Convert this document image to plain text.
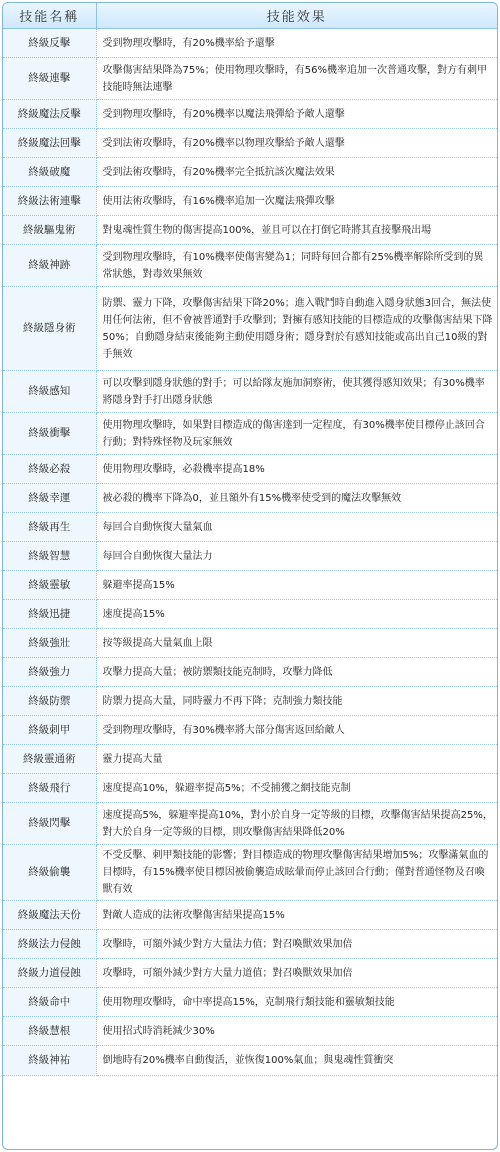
技能名稱	技能效果
終級反擊	受到物理攻擊時，有20%機率給予還擊
終級連擊	攻擊傷害結果降為75%；使用物理攻擊時，有56%機率追加一次普通攻擊，對方有刺甲技能時無法連擊
終級魔法反擊	受到物理攻擊時，有20%機率以魔法飛彈給予敵人還擊
終級魔法回擊	受到法術攻擊時，有20%機率以物理攻擊給予敵人還擊
終級破魔	受到法術攻擊時，有20%機率完全抵抗該次魔法效果
終級法術連擊	使用法術攻擊時，有16%機率追加一次魔法飛彈攻擊
終級驅鬼術	對鬼魂性質生物的傷害提高100%，並且可以在打倒它時將其直接擊飛出場
終級神跡	受到物理攻擊時，有10%機率使傷害變為1；同時每回合都有25%機率解除所受到的異常狀態，對毒效果無效
終級隱身術	防禦、靈力下降，攻擊傷害結果下降20%；進入戰鬥時自動進入隱身狀態3回合，無法使用任何法術，但不會被普通對手攻擊到；對擁有感知技能的目標造成的攻擊傷害結果下降50%；自動隱身結束後能夠主動使用隱身術；隱身對於有感知技能或高出自己10級的對手無效
終級感知	可以攻擊到隱身狀態的對手；可以給隊友施加洞察術，使其獲得感知效果；有30%機率將隱身對手打出隱身狀態
終級衝擊	使用物理攻擊時，如果對目標造成的傷害達到一定程度，有30%機率使目標停止該回合行動；對特殊怪物及玩家無效
終級必殺	使用物理攻擊時，必殺機率提高18%
終級幸運	被必殺的機率下降為0，並且額外有15%機率使受到的魔法攻擊無效
終級再生	每回合自動恢復大量氣血
終級智慧	每回合自動恢復大量法力
終級靈敏	躲避率提高15%
終級迅捷	速度提高15%
終級強壯	按等級提高大量氣血上限
終級強力	攻擊力提高大量；被防禦類技能克制時，攻擊力降低
終級防禦	防禦力提高大量，同時靈力不再下降；克制強力類技能
終級刺甲	受到物理攻擊時，有30%機率將大部分傷害返回給敵人
終級靈通術	靈力提高大量
終級飛行	速度提高10%，躲避率提高5%；不受捕獲之網技能克制
終級閃擊	速度提高5%，躲避率提高10%，對小於自身一定等級的目標，攻擊傷害結果提高25%，對大於自身一定等級的目標，則攻擊傷害結果降低20%
終級偷襲	不受反擊、刺甲類技能的影響；對目標造成的物理攻擊傷害結果增加5%；攻擊滿氣血的目標時，有15%機率使目標因被偷襲造成眩暈而停止該回合行動；僅對普通怪物及召喚獸有效
終級魔法天份	對敵人造成的法術攻擊傷害結果提高15%
終級法力侵蝕	攻擊時，可額外減少對方大量法力值；對召喚獸效果加倍
終級力道侵蝕	攻擊時，可額外減少對方大量力道值；對召喚獸效果加倍
終級命中	使用物理攻擊時，命中率提高15%，克制飛行類技能和靈敏類技能
終級慧根	使用招式時消耗減少30%
終級神祐	倒地時有20%機率自動復活，並恢復100%氣血；與鬼魂性質衝突
